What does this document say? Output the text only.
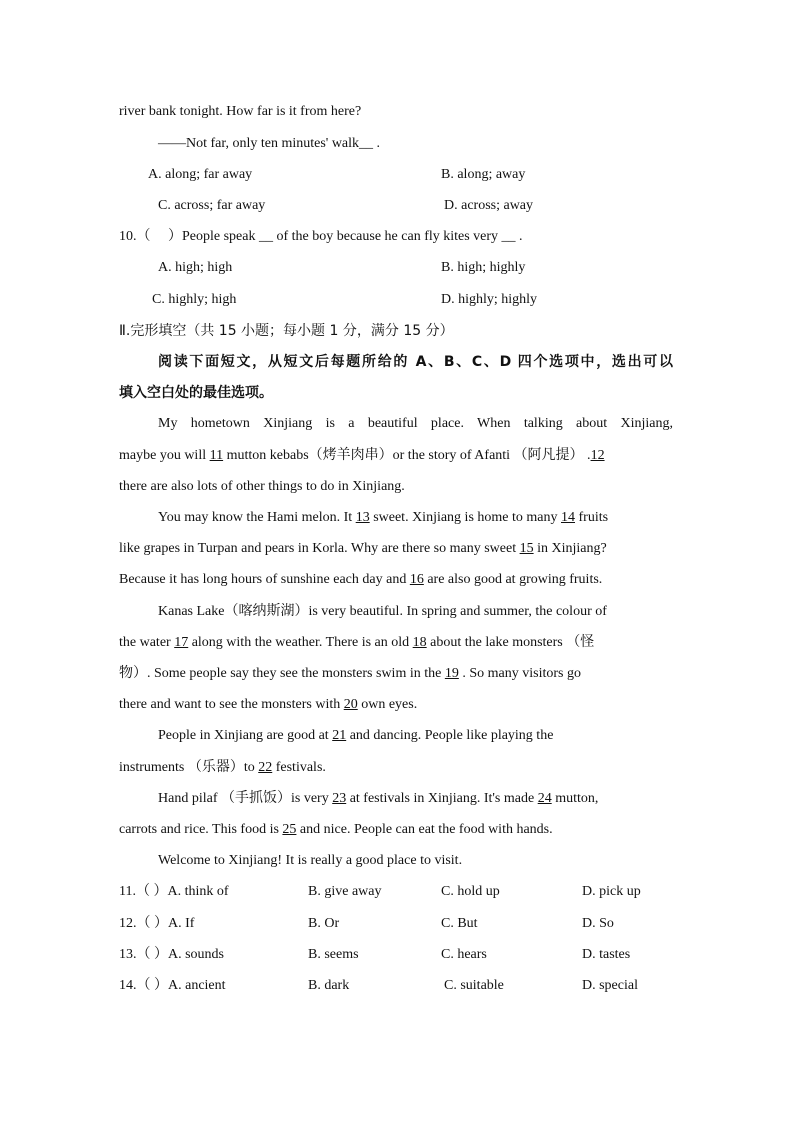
river bank tonight. How far is it from here?
——Not far, only ten minutes' walk__ .
A. along; far away	B. along; away
C. across; far away	D. across; away
10.（　 ）People speak __ of the boy because he can fly kites very __ .
A. high; high	B. high; highly
C. highly; high	D. highly; highly
Ⅱ.完形填空（共 15 小题；每小题 1 分，满分 15 分）
阅读下面短文，从短文后每题所给的 A、B、C、D 四个选项中，选出可以
填入空白处的最佳选项。
My hometown Xinjiang is a beautiful place. When talking about Xinjiang,
maybe you will 11 mutton kebabs（烤羊肉串）or the story of Afanti （阿凡提） .12
there are also lots of other things to do in Xinjiang.
You may know the Hami melon. It 13 sweet. Xinjiang is home to many 14 fruits
like grapes in Turpan and pears in Korla. Why are there so many sweet 15 in Xinjiang?
Because it has long hours of sunshine each day and 16 are also good at growing fruits.
Kanas Lake（喀纳斯湖）is very beautiful. In spring and summer, the colour of
the water 17 along with the weather. There is an old 18 about the lake monsters （怪
物）. Some people say they see the monsters swim in the 19 . So many visitors go
there and want to see the monsters with 20 own eyes.
People in Xinjiang are good at 21 and dancing. People like playing the
instruments （乐器）to 22 festivals.
Hand pilaf （手抓饭）is very 23 at festivals in Xinjiang. It's made 24 mutton,
carrots and rice. This food is 25 and nice. People can eat the food with hands.
Welcome to Xinjiang! It is really a good place to visit.
11.（ ）A. think of	B. give away	C. hold up	D. pick up
12.（ ）A. If	B. Or	C. But	D. So
13.（ ）A. sounds	B. seems	C. hears	D. tastes
14.（ ）A. ancient	B. dark	C. suitable	D. special
